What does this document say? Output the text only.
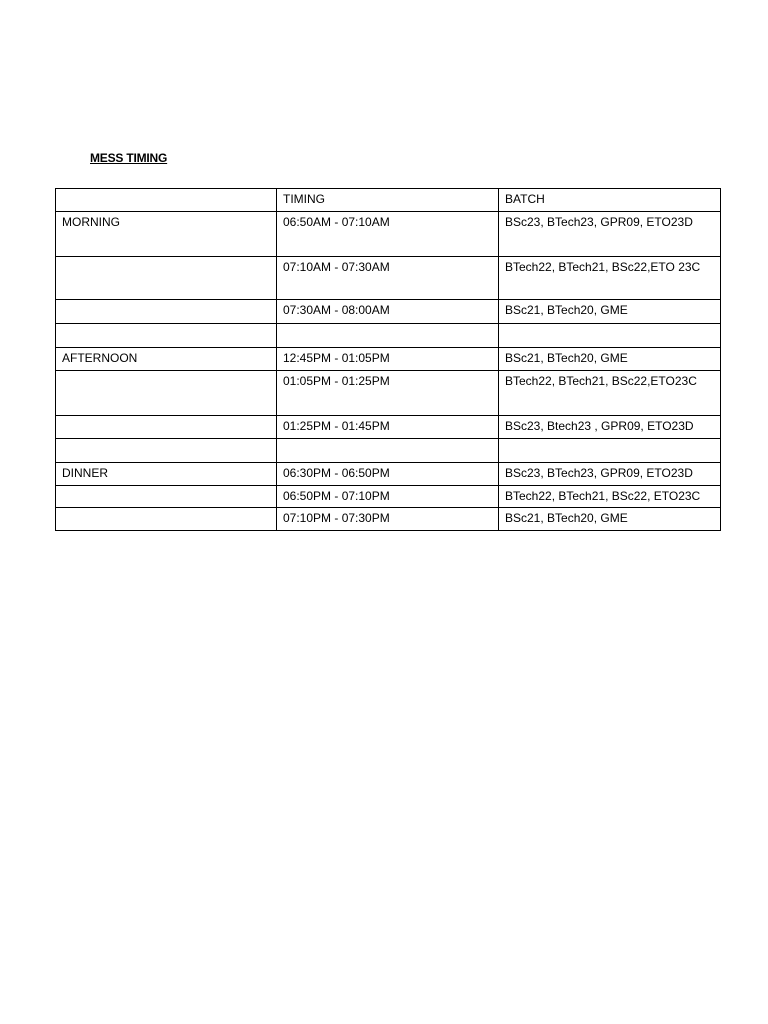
MESS TIMING
	TIMING	BATCH
MORNING	06:50AM - 07:10AM	BSc23, BTech23, GPR09, ETO23D
	07:10AM - 07:30AM	BTech22, BTech21, BSc22,ETO 23C
	07:30AM - 08:00AM	BSc21, BTech20, GME

AFTERNOON	12:45PM - 01:05PM	BSc21, BTech20, GME
	01:05PM - 01:25PM	BTech22, BTech21, BSc22,ETO23C
	01:25PM - 01:45PM	BSc23, Btech23 , GPR09, ETO23D

DINNER	06:30PM - 06:50PM	BSc23, BTech23, GPR09, ETO23D
	06:50PM - 07:10PM	BTech22, BTech21, BSc22, ETO23C
	07:10PM - 07:30PM	BSc21, BTech20, GME
